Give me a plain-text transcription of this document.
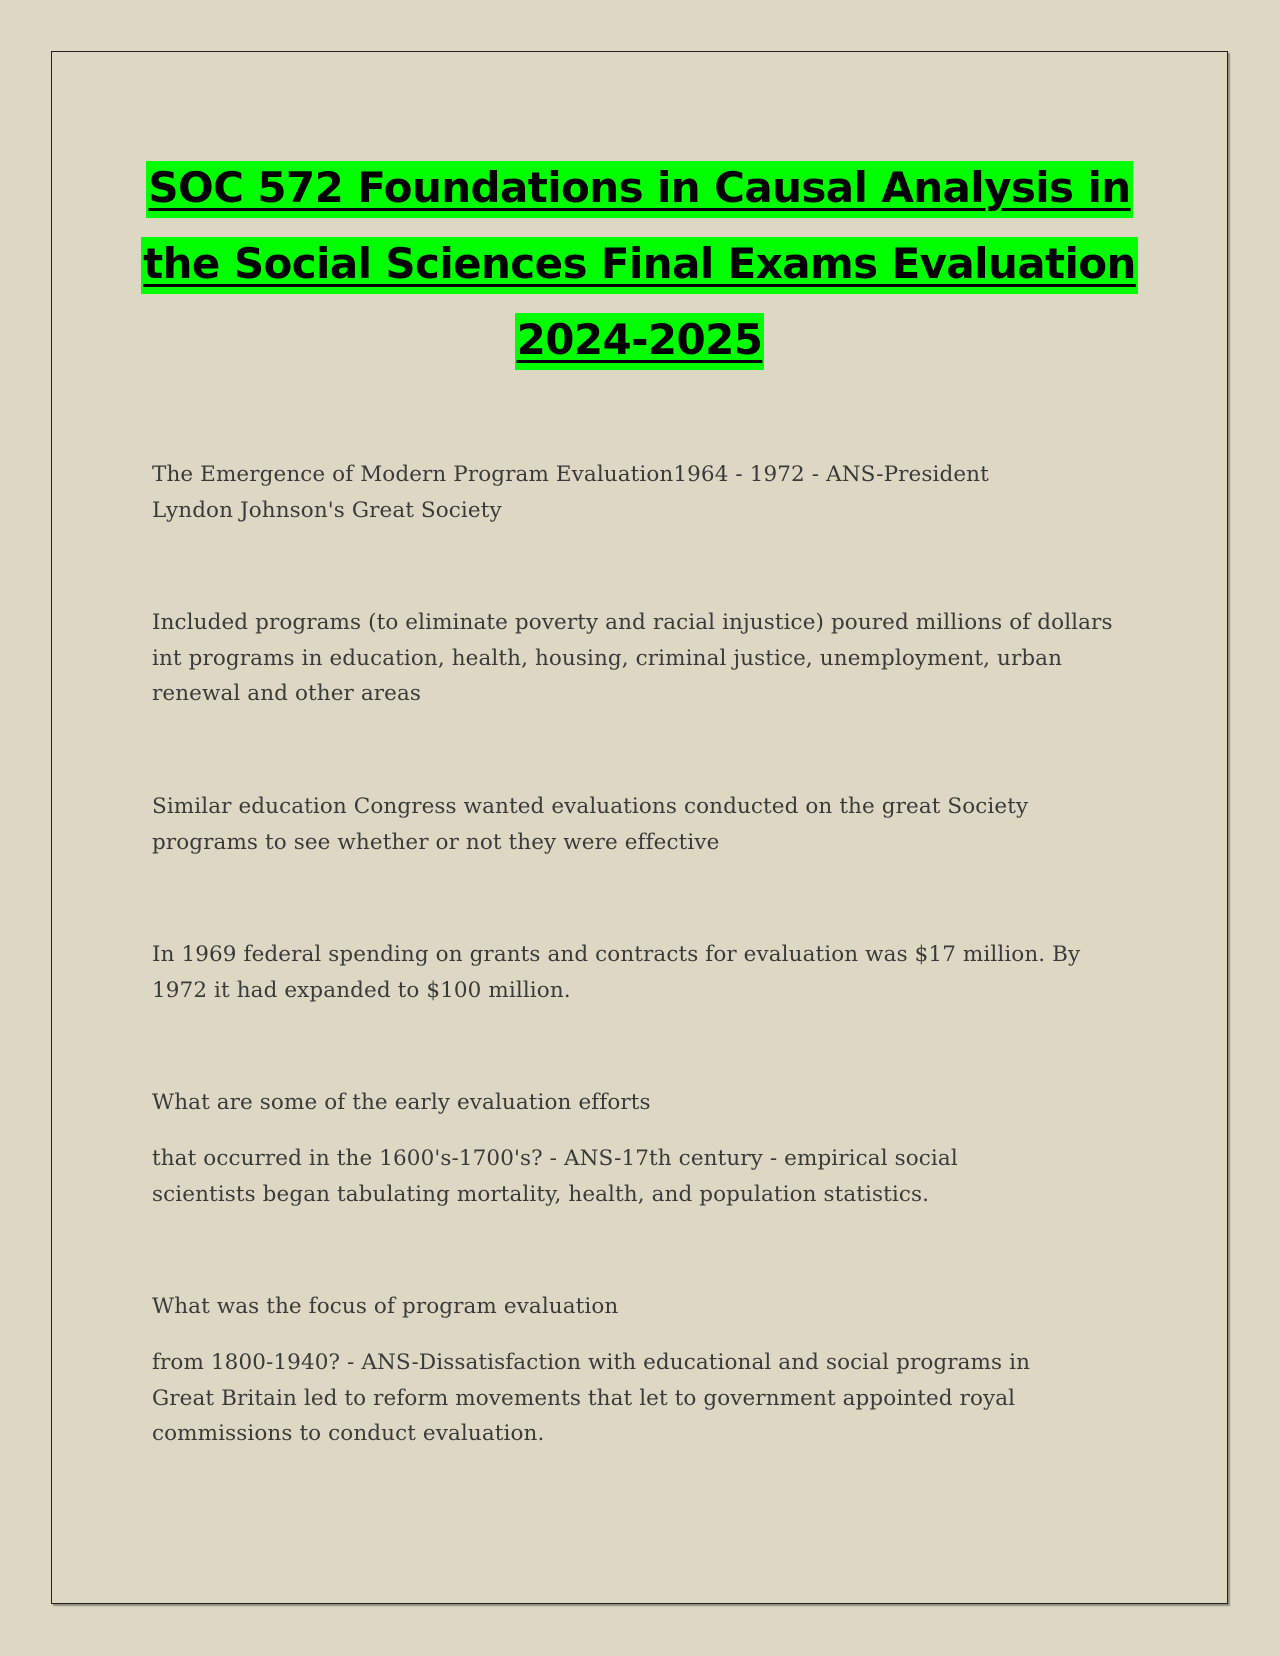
SOC 572 Foundations in Causal Analysis in
the Social Sciences Final Exams Evaluation
2024-2025

The Emergence of Modern Program Evaluation1964 - 1972 - ANS-President
Lyndon Johnson's Great Society

Included programs (to eliminate poverty and racial injustice) poured millions of dollars
int programs in education, health, housing, criminal justice, unemployment, urban
renewal and other areas

Similar education Congress wanted evaluations conducted on the great Society
programs to see whether or not they were effective

In 1969 federal spending on grants and contracts for evaluation was $17 million. By
1972 it had expanded to $100 million.

What are some of the early evaluation efforts

that occurred in the 1600's-1700's? - ANS-17th century - empirical social
scientists began tabulating mortality, health, and population statistics.

What was the focus of program evaluation

from 1800-1940? - ANS-Dissatisfaction with educational and social programs in
Great Britain led to reform movements that let to government appointed royal
commissions to conduct evaluation.
